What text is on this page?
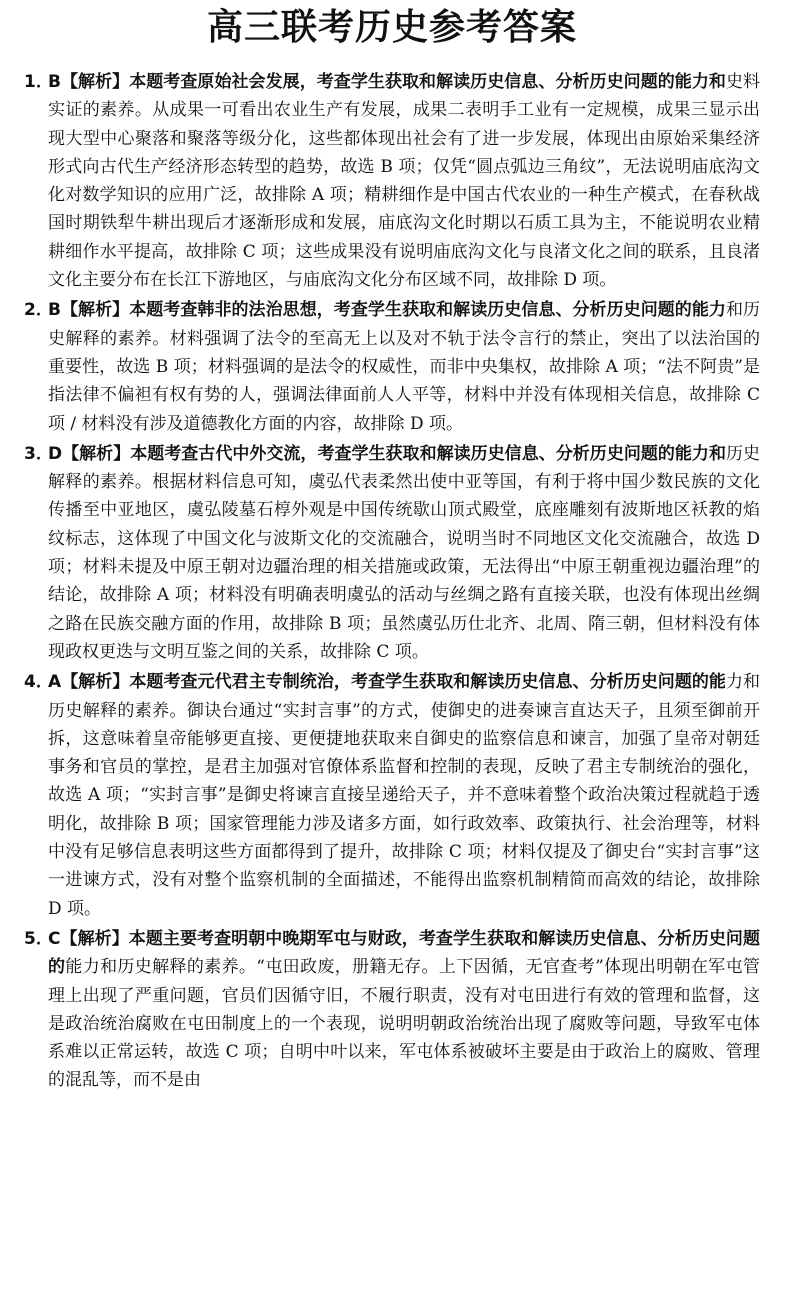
高三联考历史参考答案
1．
B【解析】本题考查原始社会发展，考查学生获取和解读历史信息、分析历史问题的能力和史料实证的素养。从成果一可看出农业生产有发展，成果二表明手工业有一定规模，成果三显示出现大型中心聚落和聚落等级分化，这些都体现出社会有了进一步发展，体现出由原始采集经济形式向古代生产经济形态转型的趋势，故选 B 项；仅凭“圆点弧边三角纹”，无法说明庙底沟文化对数学知识的应用广泛，故排除 A 项；精耕细作是中国古代农业的一种生产模式，在春秋战国时期铁犁牛耕出现后才逐渐形成和发展，庙底沟文化时期以石质工具为主，不能说明农业精耕细作水平提高，故排除 C 项；这些成果没有说明庙底沟文化与良渚文化之间的联系，且良渚文化主要分布在长江下游地区，与庙底沟文化分布区域不同，故排除 D 项。
2．
B【解析】本题考查韩非的法治思想，考查学生获取和解读历史信息、分析历史问题的能力和历史解释的素养。材料强调了法令的至高无上以及对不轨于法令言行的禁止，突出了以法治国的重要性，故选 B 项；材料强调的是法令的权威性，而非中央集权，故排除 A 项；“法不阿贵”是指法律不偏袒有权有势的人，强调法律面前人人平等，材料中并没有体现相关信息，故排除 C 项 / 材料没有涉及道德教化方面的内容，故排除 D 项。
3．
D【解析】本题考查古代中外交流，考查学生获取和解读历史信息、分析历史问题的能力和历史解释的素养。根据材料信息可知，虞弘代表柔然出使中亚等国，有利于将中国少数民族的文化传播至中亚地区，虞弘陵墓石椁外观是中国传统歇山顶式殿堂，底座雕刻有波斯地区袄教的焰纹标志，这体现了中国文化与波斯文化的交流融合，说明当时不同地区文化交流融合，故选 D 项；材料未提及中原王朝对边疆治理的相关措施或政策，无法得出“中原王朝重视边疆治理”的结论，故排除 A 项；材料没有明确表明虞弘的活动与丝绸之路有直接关联，也没有体现出丝绸之路在民族交融方面的作用，故排除 B 项；虽然虞弘历仕北齐、北周、隋三朝，但材料没有体现政权更迭与文明互鉴之间的关系，故排除 C 项。
4．
A【解析】本题考查元代君主专制统治，考查学生获取和解读历史信息、分析历史问题的能力和历史解释的素养。御诀台通过“实封言事”的方式，使御史的进奏谏言直达天子，且须至御前开拆，这意味着皇帝能够更直接、更便捷地获取来自御史的监察信息和谏言，加强了皇帝对朝廷事务和官员的掌控，是君主加强对官僚体系监督和控制的表现，反映了君主专制统治的强化，故选 A 项；“实封言事”是御史将谏言直接呈递给天子，并不意味着整个政治决策过程就趋于透明化，故排除 B 项；国家管理能力涉及诸多方面，如行政效率、政策执行、社会治理等，材料中没有足够信息表明这些方面都得到了提升，故排除 C 项；材料仅提及了御史台“实封言事”这一进谏方式，没有对整个监察机制的全面描述，不能得出监察机制精简而高效的结论，故排除 D 项。
5．
C【解析】本题主要考查明朝中晚期军屯与财政，考查学生获取和解读历史信息、分析历史问题的能力和历史解释的素养。“屯田政废，册籍无存。上下因循，无官查考”体现出明朝在军屯管理上出现了严重问题，官员们因循守旧，不履行职责，没有对屯田进行有效的管理和监督，这是政治统治腐败在屯田制度上的一个表现，说明明朝政治统治出现了腐败等问题，导致军屯体系难以正常运转，故选 C 项；自明中叶以来，军屯体系被破坏主要是由于政治上的腐败、管理的混乱等，而不是由
